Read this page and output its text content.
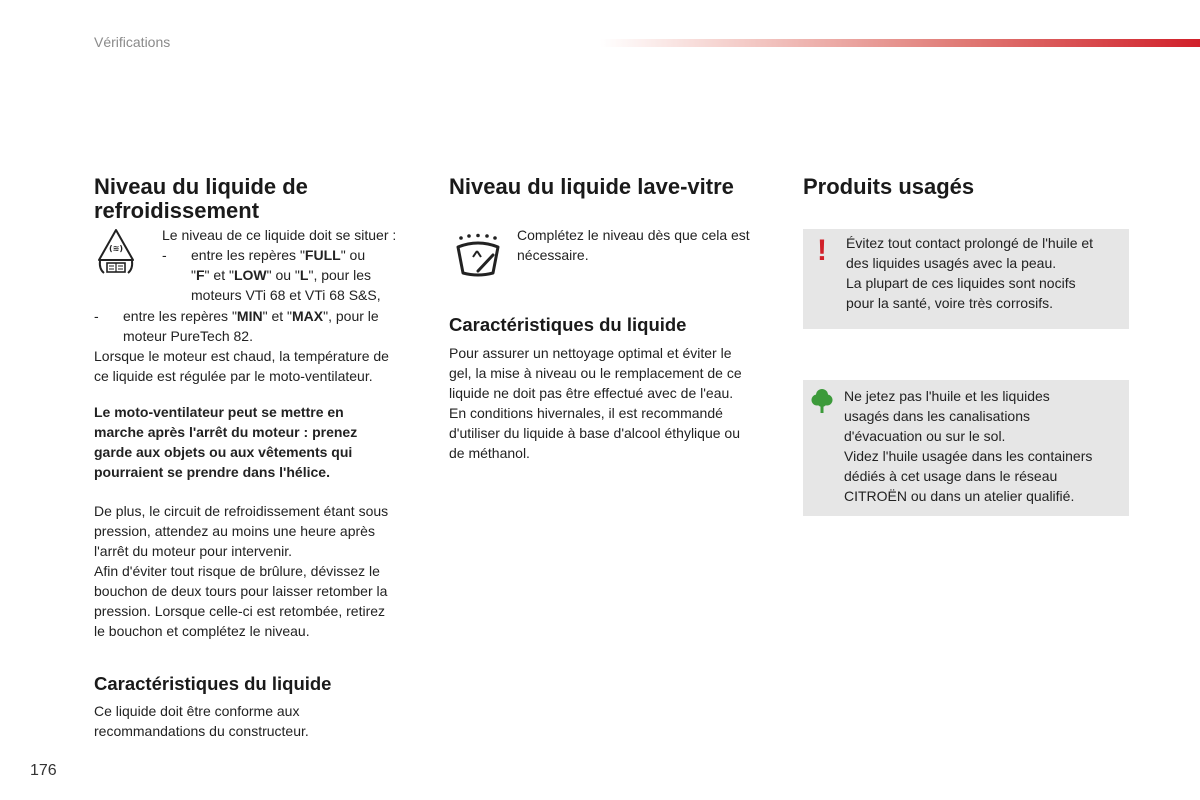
Vérifications
Niveau du liquide de refroidissement
(≋)

Le niveau de ce liquide doit se situer :

- entre les repères "FULL" ou
"F" et "LOW" ou "L", pour les
moteurs VTi 68 et VTi 68 S&S,
- entre les repères "MIN" et "MAX", pour le
moteur PureTech 82.
Lorsque le moteur est chaud, la température de
ce liquide est régulée par le moto-ventilateur.
Le moto-ventilateur peut se mettre en
marche après l'arrêt du moteur : prenez
garde aux objets ou aux vêtements qui
pourraient se prendre dans l'hélice.
De plus, le circuit de refroidissement étant sous
pression, attendez au moins une heure après
l'arrêt du moteur pour intervenir.
Afin d'éviter tout risque de brûlure, dévissez le
bouchon de deux tours pour laisser retomber la
pression. Lorsque celle-ci est retombée, retirez
le bouchon et complétez le niveau.
Caractéristiques du liquide
Ce liquide doit être conforme aux
recommandations du constructeur.
Niveau du liquide lave-vitre
Complétez le niveau dès que cela est
nécessaire.
Caractéristiques du liquide
Pour assurer un nettoyage optimal et éviter le
gel, la mise à niveau ou le remplacement de ce
liquide ne doit pas être effectué avec de l'eau.
En conditions hivernales, il est recommandé
d'utiliser du liquide à base d'alcool éthylique ou
de méthanol.
Produits usagés
! Évitez tout contact prolongé de l'huile et
des liquides usagés avec la peau.
La plupart de ces liquides sont nocifs
pour la santé, voire très corrosifs.
Ne jetez pas l'huile et les liquides
usagés dans les canalisations
d'évacuation ou sur le sol.
Videz l'huile usagée dans les containers
dédiés à cet usage dans le réseau
CITROËN ou dans un atelier qualifié.
176
